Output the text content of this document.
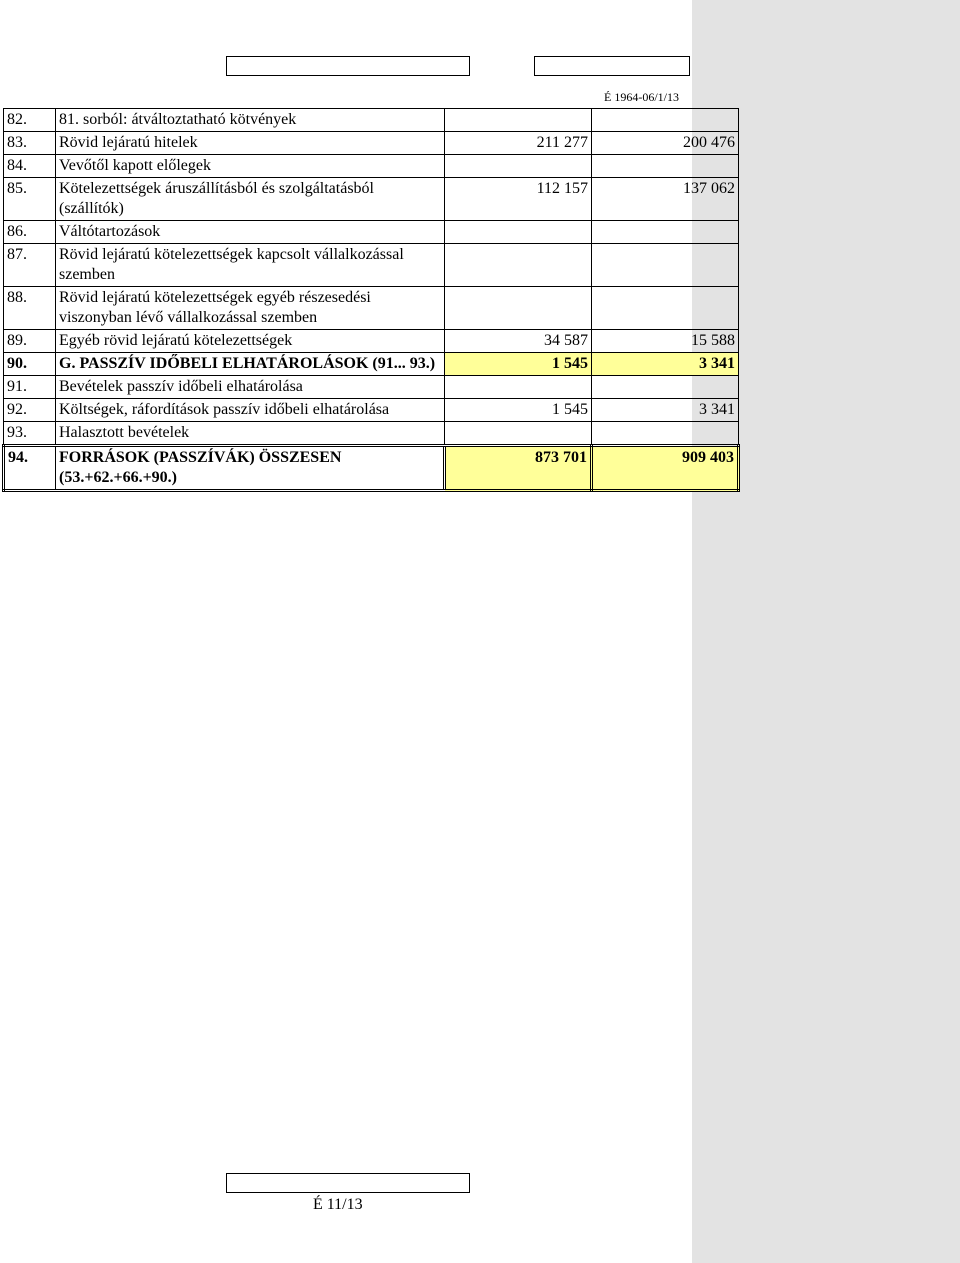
É 1964-06/1/13
82.	81. sorból: átváltoztatható kötvények		
83.	Rövid lejáratú hitelek	211 277	200 476
84.	Vevőtől kapott előlegek		
85.	Kötelezettségek áruszállításból és szolgáltatásból (szállítók)	112 157	137 062
86.	Váltótartozások		
87.	Rövid lejáratú kötelezettségek kapcsolt vállalkozással szemben		
88.	Rövid lejáratú kötelezettségek egyéb részesedési viszonyban lévő vállalkozással szemben		
89.	Egyéb rövid lejáratú kötelezettségek	34 587	15 588
90.	G. PASSZÍV IDŐBELI ELHATÁROLÁSOK (91... 93.)	1 545	3 341
91.	Bevételek passzív időbeli elhatárolása		
92.	Költségek, ráfordítások passzív időbeli elhatárolása	1 545	3 341
93.	Halasztott bevételek		
94.	FORRÁSOK (PASSZÍVÁK) ÖSSZESEN (53.+62.+66.+90.)	873 701	909 403
É 11/13
